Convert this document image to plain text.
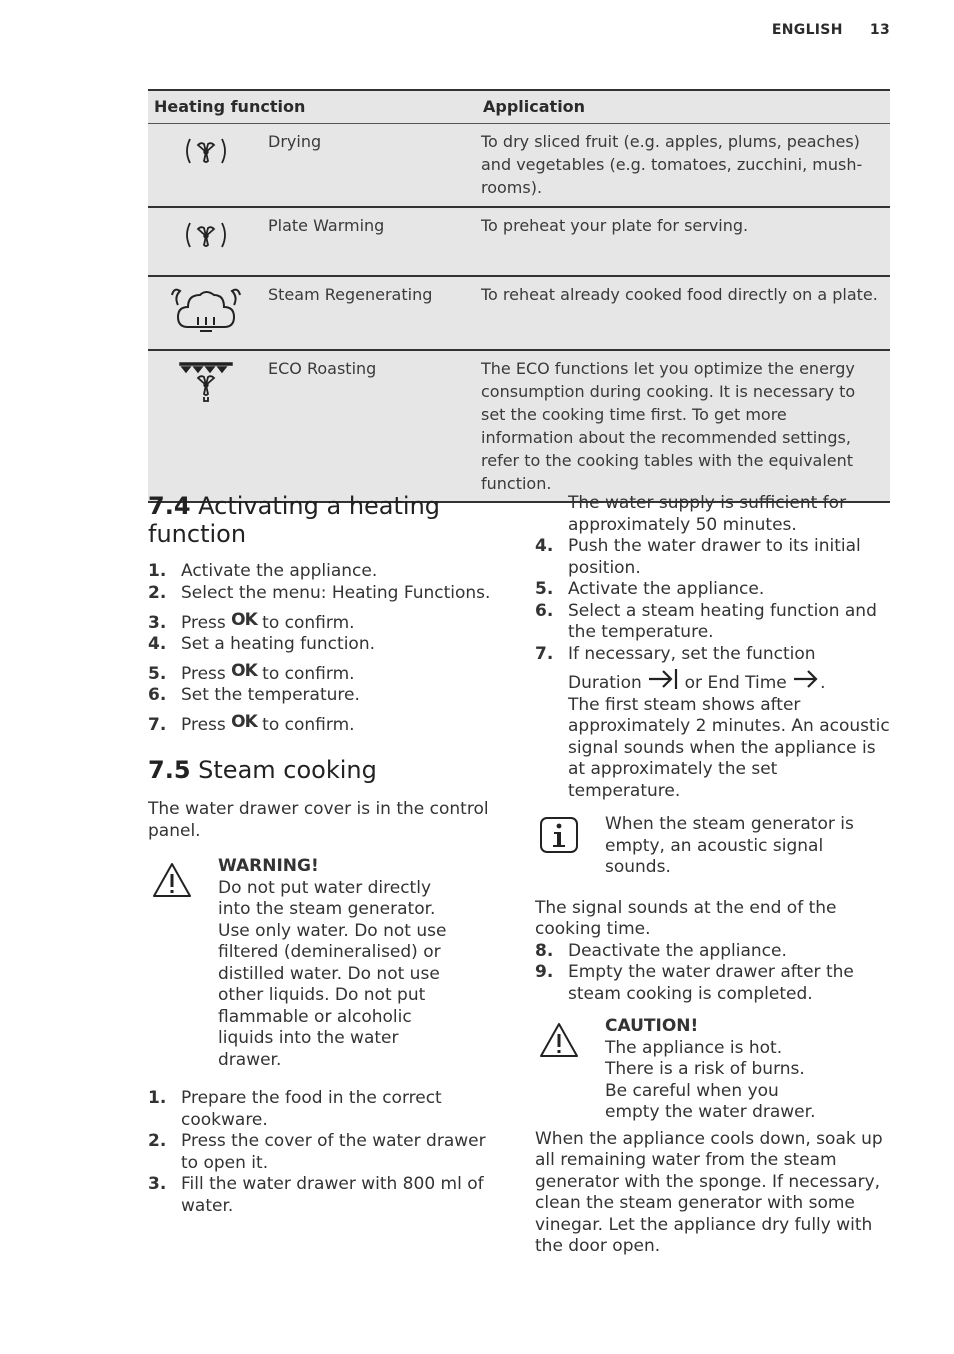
ENGLISH 13
Heating function		Application
	Drying	To dry sliced fruit (e.g. apples, plums, peaches) and vegetables (e.g. tomatoes, zucchini, mush-rooms).
	Plate Warming	To preheat your plate for serving.
	Steam Regenerating	To reheat already cooked food directly on a plate.
	ECO Roasting	The ECO functions let you optimize the energy consumption during cooking. It is necessary to set the cooking time first. To get more information about the recommended settings, refer to the cooking tables with the equivalent function.
7.4 Activating a heating function
1. Activate the appliance.
2. Select the menu: Heating Functions.
3. Press OK to confirm.
4. Set a heating function.
5. Press OK to confirm.
6. Set the temperature.
7. Press OK to confirm.
7.5 Steam cooking

The water drawer cover is in the control panel.

WARNING!
Do not put water directly into the steam generator. Use only water. Do not use filtered (demineralised) or distilled water. Do not use other liquids. Do not put flammable or alcoholic liquids into the water drawer.
1. Prepare the food in the correct cookware.
2. Press the cover of the water drawer to open it.
3. Fill the water drawer with 800 ml of water.

The water supply is sufficient for approximately 50 minutes.

4. Push the water drawer to its initial position.
5. Activate the appliance.
6. Select a steam heating function and the temperature.
7. If necessary, set the function
Duration  or End Time .
The first steam shows after approximately 2 minutes. An acoustic signal sounds when the appliance is at approximately the set temperature.
When the steam generator is empty, an acoustic signal sounds.

The signal sounds at the end of the cooking time.

8. Deactivate the appliance.
9. Empty the water drawer after the steam cooking is completed.
CAUTION!
The appliance is hot. There is a risk of burns. Be careful when you empty the water drawer.

When the appliance cools down, soak up all remaining water from the steam generator with the sponge. If necessary, clean the steam generator with some vinegar. Let the appliance dry fully with the door open.
